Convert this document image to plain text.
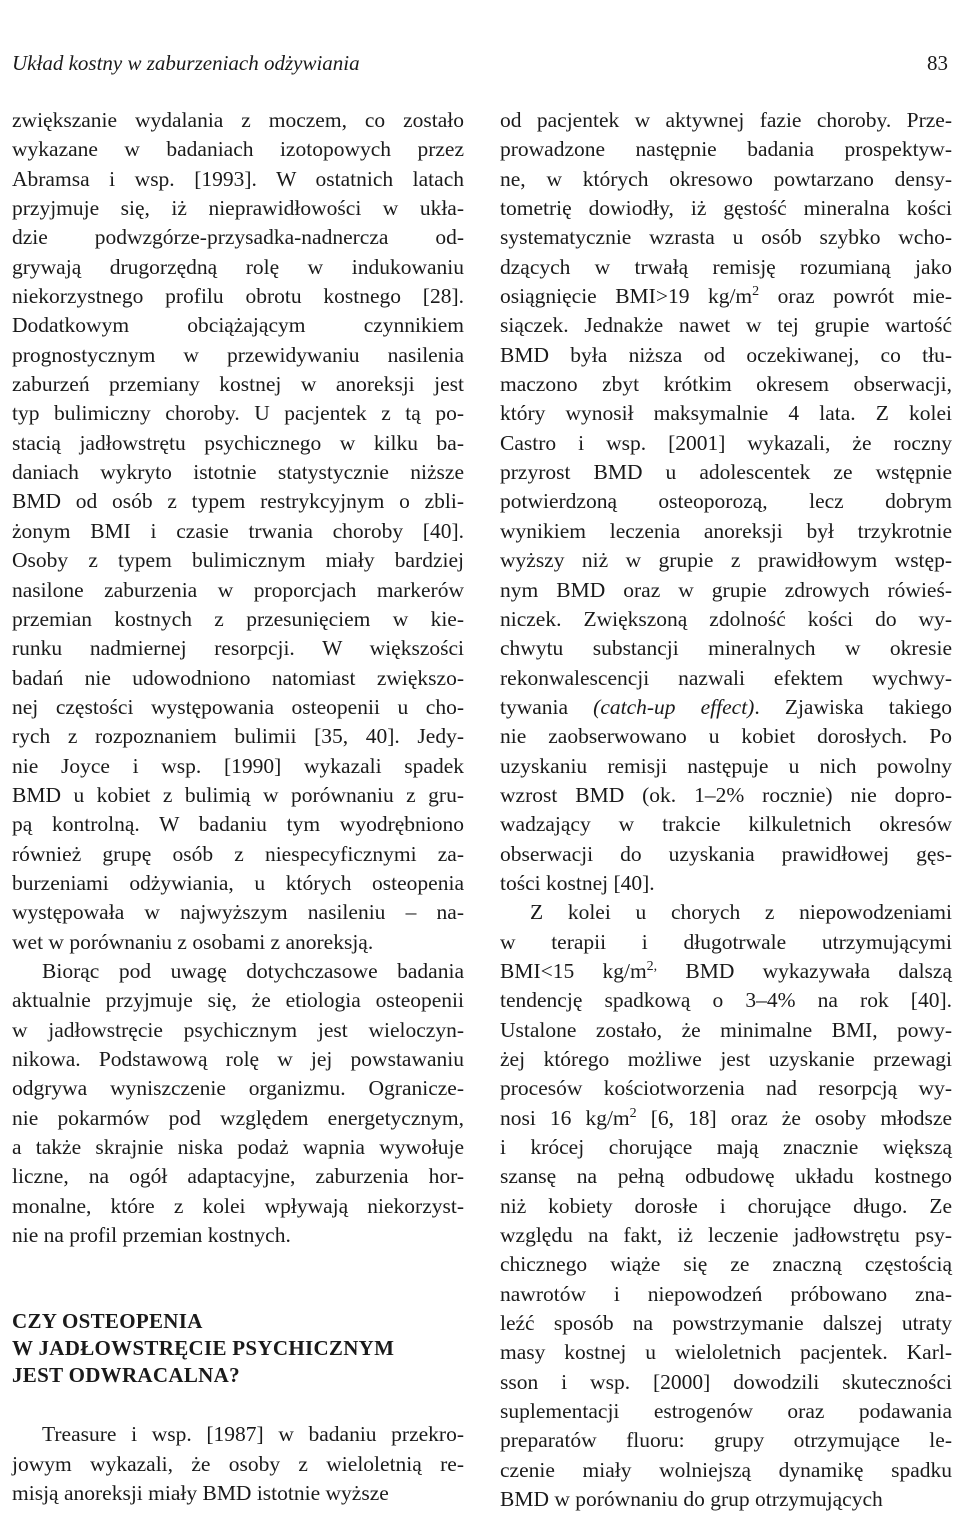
Układ kostny w zaburzeniach odżywiania	83

zwiększanie wydalania z moczem, co zostało
wykazane w badaniach izotopowych przez
Abramsa i wsp. [1993]. W ostatnich latach
przyjmuje się, iż nieprawidłowości w ukła-
dzie podwzgórze-przysadka-nadnercza od-
grywają drugorzędną rolę w indukowaniu
niekorzystnego profilu obrotu kostnego [28].
Dodatkowym obciążającym czynnikiem
prognostycznym w przewidywaniu nasilenia
zaburzeń przemiany kostnej w anoreksji jest
typ bulimiczny choroby. U pacjentek z tą po-
stacią jadłowstrętu psychicznego w kilku ba-
daniach wykryto istotnie statystycznie niższe
BMD od osób z typem restrykcyjnym o zbli-
żonym BMI i czasie trwania choroby [40].
Osoby z typem bulimicznym miały bardziej
nasilone zaburzenia w proporcjach markerów
przemian kostnych z przesunięciem w kie-
runku nadmiernej resorpcji. W większości
badań nie udowodniono natomiast zwiększo-
nej częstości występowania osteopenii u cho-
rych z rozpoznaniem bulimii [35, 40]. Jedy-
nie Joyce i wsp. [1990] wykazali spadek
BMD u kobiet z bulimią w porównaniu z gru-
pą kontrolną. W badaniu tym wyodrębniono
również grupę osób z niespecyficznymi za-
burzeniami odżywiania, u których osteopenia
występowała w najwyższym nasileniu – na-
wet w porównaniu z osobami z anoreksją.

Biorąc pod uwagę dotychczasowe badania
aktualnie przyjmuje się, że etiologia osteopenii
w jadłowstręcie psychicznym jest wieloczyn-
nikowa. Podstawową rolę w jej powstawaniu
odgrywa wyniszczenie organizmu. Ogranicze-
nie pokarmów pod względem energetycznym,
a także skrajnie niska podaż wapnia wywołuje
liczne, na ogół adaptacyjne, zaburzenia hor-
monalne, które z kolei wpływają niekorzyst-
nie na profil przemian kostnych.

CZY OSTEOPENIA
W JADŁOWSTRĘCIE PSYCHICZNYM
JEST ODWRACALNA?

Treasure i wsp. [1987] w badaniu przekro-
jowym wykazali, że osoby z wieloletnią re-
misją anoreksji miały BMD istotnie wyższe

od pacjentek w aktywnej fazie choroby. Prze-
prowadzone następnie badania prospektyw-
ne, w których okresowo powtarzano densy-
tometrię dowiodły, iż gęstość mineralna kości
systematycznie wzrasta u osób szybko wcho-
dzących w trwałą remisję rozumianą jako
osiągnięcie BMI>19 $kg/m^2$ oraz powrót mie-
siączek. Jednakże nawet w tej grupie wartość
BMD była niższa od oczekiwanej, co tłu-
maczono zbyt krótkim okresem obserwacji,
który wynosił maksymalnie 4 lata. Z kolei
Castro i wsp. [2001] wykazali, że roczny
przyrost BMD u adolescentek ze wstępnie
potwierdzoną osteoporozą, lecz dobrym
wynikiem leczenia anoreksji był trzykrotnie
wyższy niż w grupie z prawidłowym wstęp-
nym BMD oraz w grupie zdrowych rówieś-
niczek. Zwiększoną zdolność kości do wy-
chwytu substancji mineralnych w okresie
rekonwalescencji nazwali efektem wychwy-
tywania (catch-up effect). Zjawiska takiego
nie zaobserwowano u kobiet dorosłych. Po
uzyskaniu remisji następuje u nich powolny
wzrost BMD (ok. 1–2% rocznie) nie dopro-
wadzający w trakcie kilkuletnich okresów
obserwacji do uzyskania prawidłowej gęs-
tości kostnej [40].

Z kolei u chorych z niepowodzeniami
w terapii i długotrwale utrzymującymi
BMI<15 $kg/m^{2,}$ BMD wykazywała dalszą
tendencję spadkową o 3–4% na rok [40].
Ustalone zostało, że minimalne BMI, powy-
żej którego możliwe jest uzyskanie przewagi
procesów kościotworzenia nad resorpcją wy-
nosi 16 $kg/m^2$ [6, 18] oraz że osoby młodsze
i krócej chorujące mają znacznie większą
szansę na pełną odbudowę układu kostnego
niż kobiety dorosłe i chorujące długo. Ze
względu na fakt, iż leczenie jadłowstrętu psy-
chicznego wiąże się ze znaczną częstością
nawrotów i niepowodzeń próbowano zna-
leźć sposób na powstrzymanie dalszej utraty
masy kostnej u wieloletnich pacjentek. Karl-
sson i wsp. [2000] dowodzili skuteczności
suplementacji estrogenów oraz podawania
preparatów fluoru: grupy otrzymujące le-
czenie miały wolniejszą dynamikę spadku
BMD w porównaniu do grup otrzymujących
